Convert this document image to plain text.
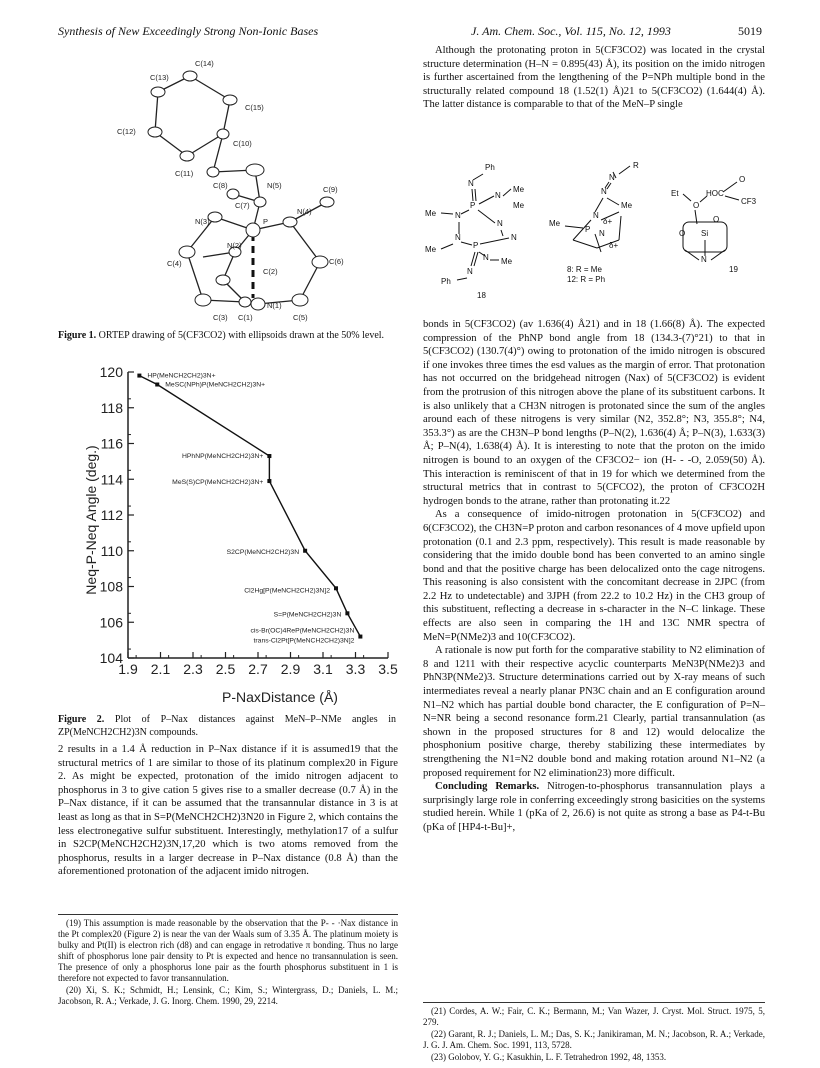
Synthesis of New Exceedingly Strong Non-Ionic Bases	J. Am. Chem. Soc., Vol. 115, No. 12, 1993	5019
C(14)
C(13)
C(15)
C(12)
C(10)
C(11)
C(8)	N(5)	C(9)
C(7)
P
N(4)
N(3)
N(2)
C(4)	C(6)
C(2)
N(1)
C(3) C(1)	C(5)
Figure 1. ORTEP drawing of 5(CF3CO2) with ellipsoids drawn at the 50% level.
Neq-P-Neq Angle (deg.)
P-NaxDistance (Å)
104
106
108
110
112
114
116
118
120
1.9 2.1 2.3 2.5 2.7 2.9 3.1 3.3 3.5
HP(MeNCH2CH2)3N+
MeSC(NPh)P(MeNCH2CH2)3N+
HPhNP(MeNCH2CH2)3N+
MeS(S)CP(MeNCH2CH2)3N+
S2CP(MeNCH2CH2)3N
Cl2Hg[P(MeNCH2CH2)3N]2
S=P(MeNCH2CH2)3N
cis-Br(OC)4ReP(MeNCH2CH2)3N
trans-Cl2Pt[P(MeNCH2CH2)3N]2
Figure 2. Plot of P–Nax distances against MeN–P–NMe angles in ZP(MeNCH2CH2)3N compounds.

2 results in a 1.4 Å reduction in P–Nax distance if it is assumed19 that the structural metrics of 1 are similar to those of its platinum complex20 in Figure 2. As might be expected, protonation of the imido nitrogen adjacent to phosphorus in 3 to give cation 5 gives rise to a smaller decrease (0.7 Å) in the P–Nax distance, if it can be assumed that the transannular distance in 3 is at least as long as that in S=P(MeNCH2CH2)3N20 in Figure 2, which contains the less electronegative sulfur substituent. Interestingly, methylation17 of a sulfur in S2CP(MeNCH2CH2)3N,17,20 which is two atoms removed from the phosphorus, results in a larger decrease in P–Nax distance (0.8 Å) than the aforementioned protonation of the adjacent imido nitrogen.

(19) This assumption is made reasonable by the observation that the P- - ·Nax distance in the Pt complex20 (Figure 2) is near the van der Waals sum of 3.35 Å. The platinum moiety is bulky and Pt(II) is electron rich (d8) and can engage in retrodative π bonding. Thus no large shift of phosphorus lone pair density to Pt is expected and hence no transannulation is seen. The presence of only a phosphorus lone pair as the fourth phosphorus substituent in 1 is therefore not expected to favor transannulation.

(20) Xi, S. K.; Schmidt, H.; Lensink, C.; Kim, S.; Wintergrass, D.; Daniels, L. M.; Jacobson, R. A.; Verkade, J. G. Inorg. Chem. 1990, 29, 2214.

Although the protonating proton in 5(CF3CO2) was located in the crystal structure determination (H–N = 0.895(43) Å), its position on the imido nitrogen is further ascertained from the lengthening of the P=NPh multiple bond in the structurally related compound 18 (1.52(1) Å)21 to 5(CF3CO2) (1.644(4) Å). The latter distance is comparable to that of the MeN–P single

Ph
N
Me
N
P
N
Me
Me
N
N
Me	P
N
Me
N
N
Ph
R
N
N
Me
Me
N
P N
δ+
δ+
Et
O
HOC
O
CF3
O
Si
O
N
18
8: R = Me
12: R = Ph
19

bonds in 5(CF3CO2) (av 1.636(4) Å21) and in 18 (1.66(8) Å). The expected compression of the PhNP bond angle from 18 (134.3-(7)°21) to that in 5(CF3CO2) (130.7(4)°) owing to protonation of the imido nitrogen is obscured if one invokes three times the esd values as the margin of error. That protonation has not occurred on the bridgehead nitrogen (Nax) of 5(CF3CO2) is evident from the protrusion of this nitrogen above the plane of its substituent carbons. It is also unlikely that a CH3N nitrogen is protonated since the sum of the angles around each of these nitrogens is very similar (N2, 352.8°; N3, 355.8°; N4, 353.3°) as are the CH3N–P bond lengths (P–N(2), 1.636(4) Å; P–N(3), 1.633(3) Å; P–N(4), 1.638(4) Å). It is interesting to note that the proton on the imido nitrogen is bound to an oxygen of the CF3CO2− ion (H- - -O, 2.059(50) Å). This interaction is reminiscent of that in 19 for which we determined from the structural metrics that in contrast to 5(CFCO2), the proton of CF3CO2H hydrogen bonds to the atrane, rather than protonating it.22

As a consequence of imido-nitrogen protonation in 5(CF3CO2) and 6(CF3CO2), the CH3N=P proton and carbon resonances of 4 move upfield upon protonation (0.1 and 2.3 ppm, respectively). This result is made reasonable by considering that the imido double bond has been converted to an amino single bond and that the positive charge has been delocalized onto the cage nitrogens. This reasoning is also consistent with the concomitant decrease in 2JPC (from 2.2 Hz to undetectable) and 3JPH (from 22.2 to 10.2 Hz) in the CH3 group of this substituent, reflecting a decrease in s-character in the N–C linkage. These effects are also seen in comparing the 1H and 13C NMR spectra of MeN=P(NMe2)3 and 10(CF3CO2).

A rationale is now put forth for the comparative stability to N2 elimination of 8 and 1211 with their respective acyclic counterparts MeN3P(NMe2)3 and PhN3P(NMe2)3. Structure determinations carried out by X-ray means of such intermediates reveal a nearly planar PN3C chain and an E configuration around N1–N2 which has partial double bond character, the E configuration of P=N–N=NR being a second resonance form.21 Clearly, partial transannulation (as shown in the proposed structures for 8 and 12) would delocalize the phosphonium positive charge, thereby stabilizing these intermediates by strengthening the N1=N2 double bond and making rotation around N1–N2 (a proposed requirement for N2 elimination23) more difficult.

Concluding Remarks. Nitrogen-to-phosphorus transannulation plays a surprisingly large role in conferring exceedingly strong basicities on the systems studied herein. While 1 (pKa of 2, 26.6) is not quite as strong a base as P4-t-Bu (pKa of [HP4-t-Bu]+,

(21) Cordes, A. W.; Fair, C. K.; Bermann, M.; Van Wazer, J. Cryst. Mol. Struct. 1975, 5, 279.

(22) Garant, R. J.; Daniels, L. M.; Das, S. K.; Janikiraman, M. N.; Jacobson, R. A.; Verkade, J. G. J. Am. Chem. Soc. 1991, 113, 5728.

(23) Golobov, Y. G.; Kasukhin, L. F. Tetrahedron 1992, 48, 1353.
